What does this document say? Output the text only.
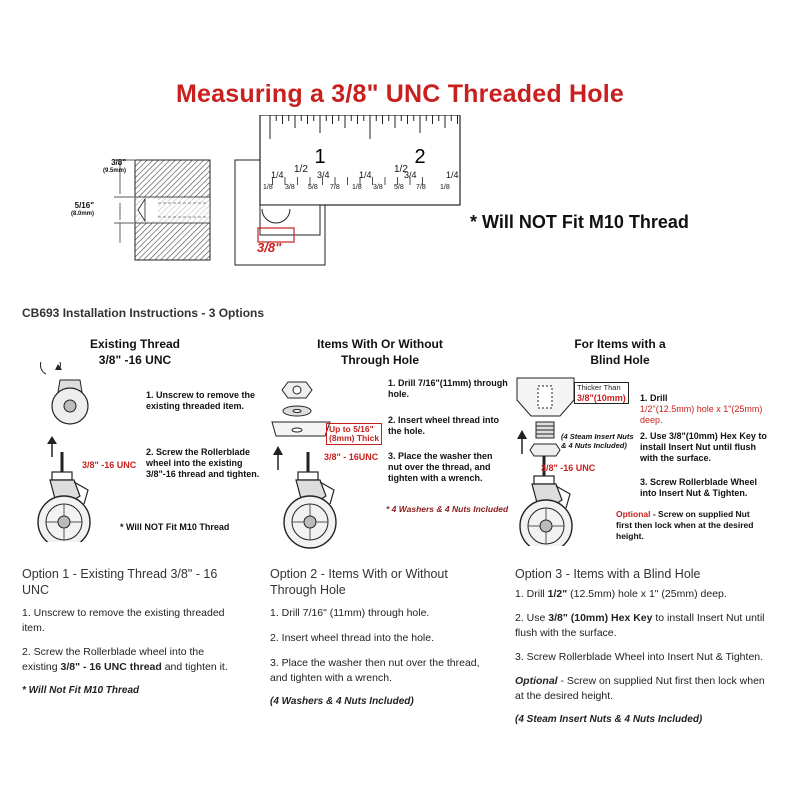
Measuring a 3/8" UNC Threaded Hole
1	2
3/8"
(9.5mm)
5/16"
(8.0mm)
3/8"
* Will NOT Fit M10 Thread
1/2	1/2
1/4	3/4	1/4	3/4	1/4
1/8 3/8 5/8 7/8 1/8 3/8 5/8 7/8 1/8
CB693 Installation Instructions - 3 Options
Existing Thread
3/8" -16 UNC
1. Unscrew to remove the existing threaded item.
2. Screw the Rollerblade wheel into the existing 3/8"-16 thread and tighten.
3/8" -16 UNC
* Will NOT Fit M10 Thread
Items With Or Without
Through Hole
Up to 5/16"
(8mm) Thick
3/8" - 16UNC
1. Drill 7/16"(11mm) through hole.
2. Insert wheel thread into the hole.
3. Place the washer then nut over the thread, and tighten with a wrench.
* 4 Washers & 4 Nuts Included
For Items with a
Blind Hole
Thicker Than
3/8"(10mm) 1. Drill
1/2"(12.5mm) hole x 1"(25mm) deep.
(4 Steam Insert Nuts & 4 Nuts Included)
2. Use 3/8"(10mm) Hex Key to install Insert Nut until flush with the surface.
3/8" -16 UNC
3. Screw Rollerblade Wheel into Insert Nut & Tighten.
Optional - Screw on supplied Nut first then lock when at the desired height.
Option 1 - Existing Thread 3/8" - 16 UNC
1. Unscrew to remove the existing threaded item.
2. Screw the Rollerblade wheel into the existing 3/8" - 16 UNC thread and tighten it.
* Will Not Fit M10 Thread
Option 2 - Items With or Without Through Hole
1. Drill 7/16" (11mm) through hole.
2. Insert wheel thread into the hole.
3. Place the washer then nut over the thread, and tighten with a wrench.
(4 Washers & 4 Nuts Included)
Option 3 - Items with a Blind Hole
1. Drill 1/2" (12.5mm) hole x 1" (25mm) deep.
2. Use 3/8" (10mm) Hex Key to install Insert Nut until flush with the surface.
3. Screw Rollerblade Wheel into Insert Nut & Tighten.
Optional - Screw on supplied Nut first then lock when at the desired height.
(4 Steam Insert Nuts & 4 Nuts Included)
